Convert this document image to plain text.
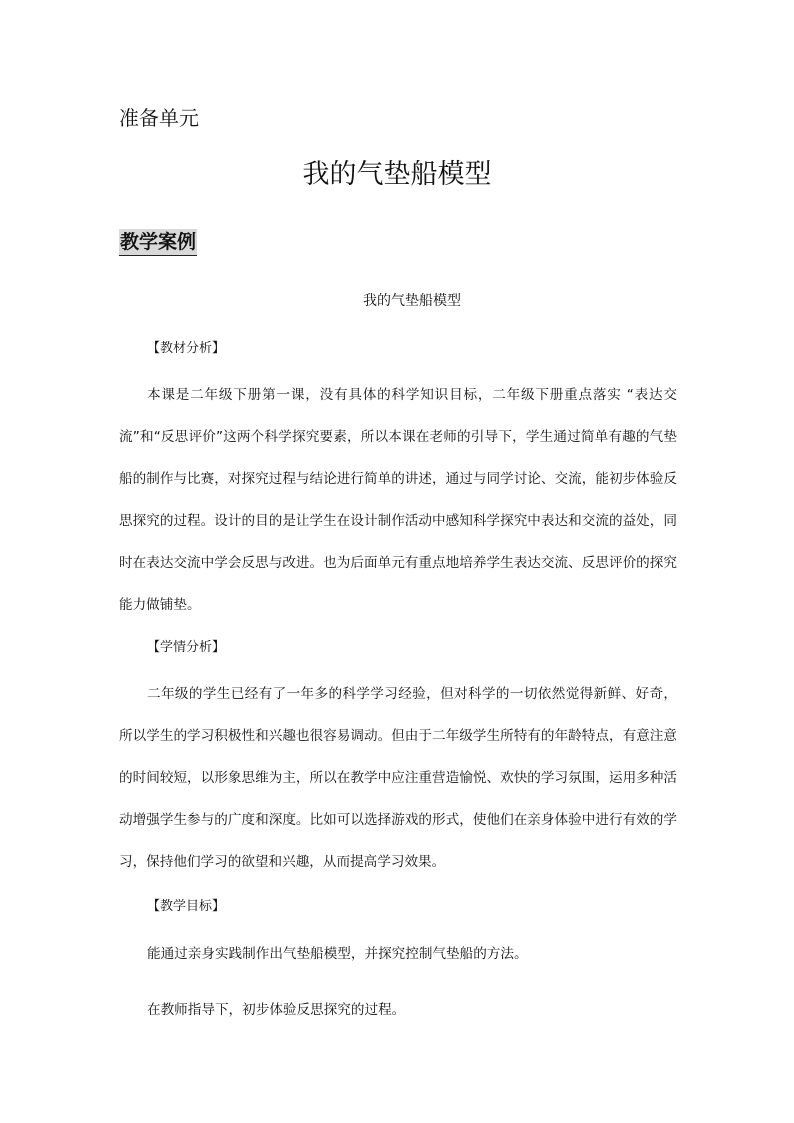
准备单元
我的气垫船模型
教学案例

我的气垫船模型

【教材分析】

本课是二年级下册第一课，没有具体的科学知识目标，二年级下册重点落实 “表达交流”和“反思评价”这两个科学探究要素，所以本课在老师的引导下，学生通过简单有趣的气垫船的制作与比赛，对探究过程与结论进行简单的讲述，通过与同学讨论、交流，能初步体验反思探究的过程。设计的目的是让学生在设计制作活动中感知科学探究中表达和交流的益处，同时在表达交流中学会反思与改进。也为后面单元有重点地培养学生表达交流、反思评价的探究能力做铺垫。

【学情分析】

二年级的学生已经有了一年多的科学学习经验，但对科学的一切依然觉得新鲜、好奇，所以学生的学习积极性和兴趣也很容易调动。但由于二年级学生所特有的年龄特点，有意注意的时间较短，以形象思维为主，所以在教学中应注重营造愉悦、欢快的学习氛围，运用多种活动增强学生参与的广度和深度。比如可以选择游戏的形式，使他们在亲身体验中进行有效的学习，保持他们学习的欲望和兴趣，从而提高学习效果。

【教学目标】

能通过亲身实践制作出气垫船模型，并探究控制气垫船的方法。

在教师指导下，初步体验反思探究的过程。
